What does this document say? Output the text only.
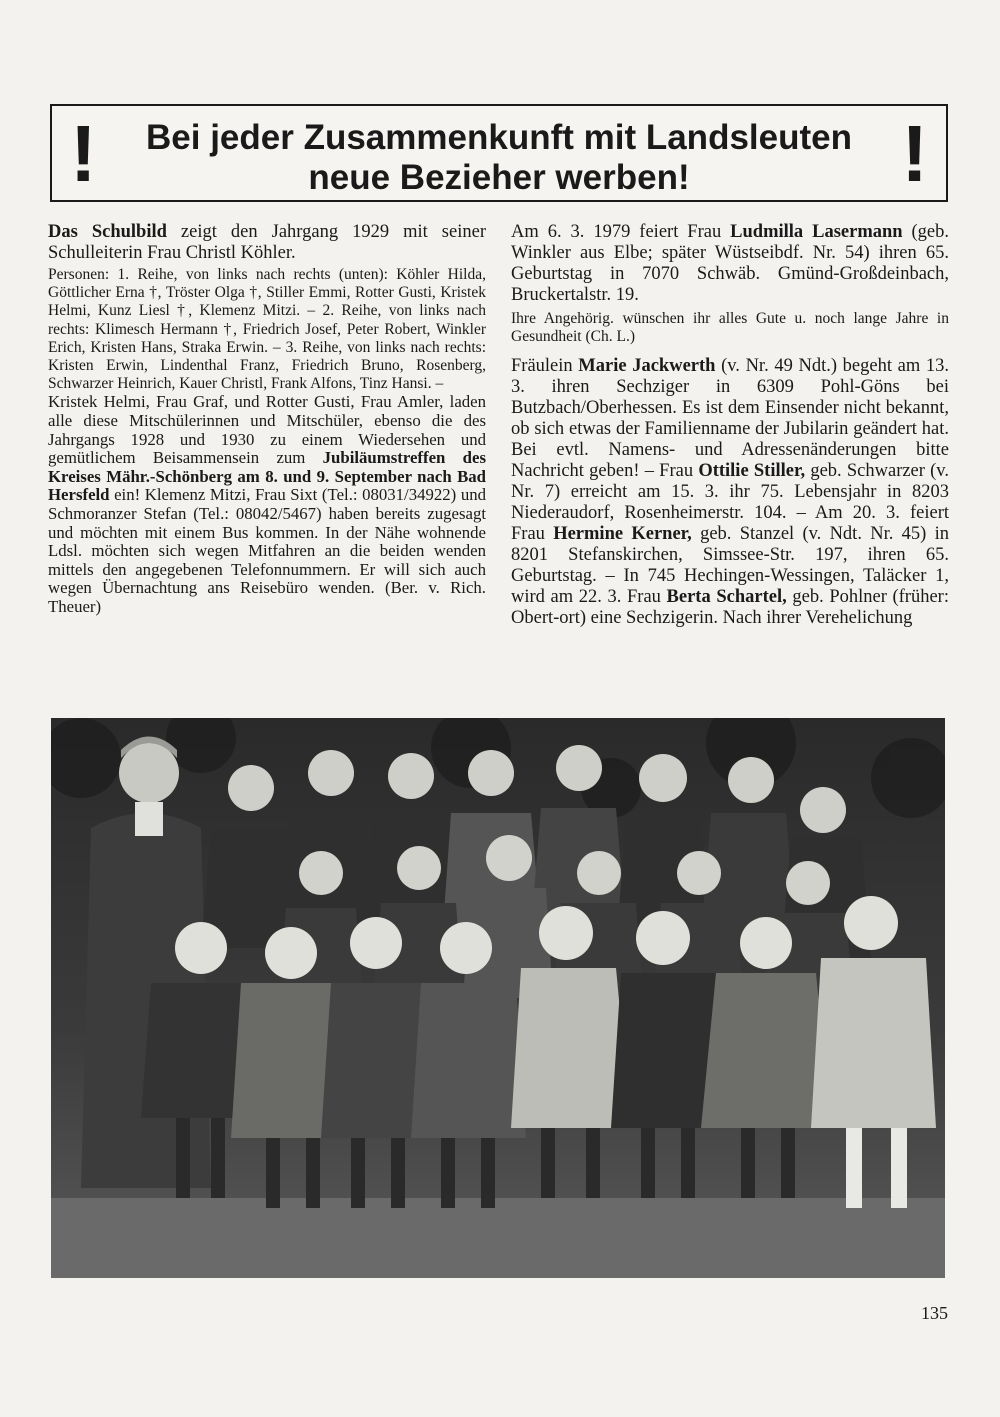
!	Bei jeder Zusammenkunft mit Landsleuten
neue Bezieher werben!	!

Das Schulbild zeigt den Jahrgang 1929 mit seiner Schulleiterin Frau Christl Köhler.

Personen: 1. Reihe, von links nach rechts (unten): Köhler Hilda, Göttlicher Erna †, Tröster Olga †, Stiller Emmi, Rotter Gusti, Kristek Helmi, Kunz Liesl †, Klemenz Mitzi. – 2. Reihe, von links nach rechts: Klimesch Hermann †, Friedrich Josef, Peter Robert, Winkler Erich, Kristen Hans, Straka Erwin. – 3. Reihe, von links nach rechts: Kristen Erwin, Lindenthal Franz, Friedrich Bruno, Rosenberg, Schwarzer Heinrich, Kauer Christl, Frank Alfons, Tinz Hansi. –

Kristek Helmi, Frau Graf, und Rotter Gusti, Frau Amler, laden alle diese Mitschülerinnen und Mitschüler, ebenso die des Jahrgangs 1928 und 1930 zu einem Wiedersehen und gemütlichem Beisammensein zum Jubiläumstreffen des Kreises Mähr.-Schönberg am 8. und 9. September nach Bad Hersfeld ein! Klemenz Mitzi, Frau Sixt (Tel.: 08031/34922) und Schmoranzer Stefan (Tel.: 08042/5467) haben bereits zugesagt und möchten mit einem Bus kommen. In der Nähe wohnende Ldsl. möchten sich wegen Mitfahren an die beiden wenden mittels den angegebenen Telefonnummern. Er will sich auch wegen Übernachtung ans Reisebüro wenden. (Ber. v. Rich. Theuer)

Am 6. 3. 1979 feiert Frau Ludmilla Lasermann (geb. Winkler aus Elbe; später Wüstseibdf. Nr. 54) ihren 65. Geburtstag in 7070 Schwäb. Gmünd-Großdeinbach, Bruckertalstr. 19.

Ihre Angehörig. wünschen ihr alles Gute u. noch lange Jahre in Gesundheit (Ch. L.)

Fräulein Marie Jackwerth (v. Nr. 49 Ndt.) begeht am 13. 3. ihren Sechziger in 6309 Pohl-Göns bei Butzbach/Oberhessen. Es ist dem Einsender nicht bekannt, ob sich etwas der Familienname der Jubilarin geändert hat. Bei evtl. Namens- und Adressenänderungen bitte Nachricht geben! – Frau Ottilie Stiller, geb. Schwarzer (v. Nr. 7) erreicht am 15. 3. ihr 75. Lebensjahr in 8203 Niederaudorf, Rosenheimerstr. 104. – Am 20. 3. feiert Frau Hermine Kerner, geb. Stanzel (v. Ndt. Nr. 45) in 8201 Stefanskirchen, Simssee-Str. 197, ihren 65. Geburtstag. – In 745 Hechingen-Wessingen, Taläcker 1, wird am 22. 3. Frau Berta Schartel, geb. Pohlner (früher: Obert-ort) eine Sechzigerin. Nach ihrer Verehelichung

135
